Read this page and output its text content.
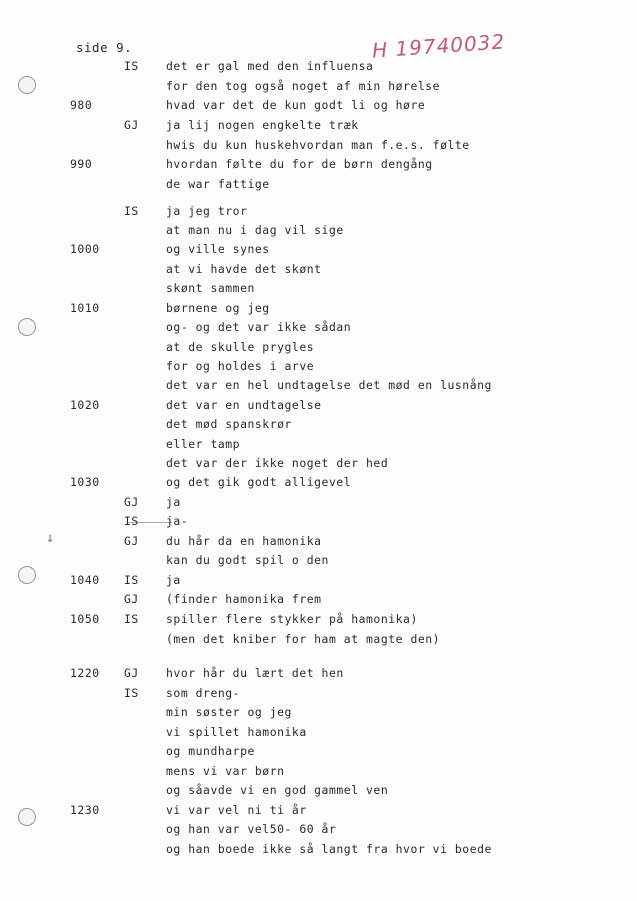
side 9.	H 19740032
↓
IS det er gal med den influensa
for den tog også noget af min hørelse
980	hvad var det de kun godt li og høre
GJ ja lij nogen engkelte træk
hwis du kun huskehvordan man f.e.s. følte
990	hvordan følte du for de børn dengång
de war fattige
IS ja jeg tror
at man nu i dag vil sige
1000	og ville synes
at vi havde det skønt
skønt sammen
1010	børnene og jeg
og- og det var ikke sådan
at de skulle prygles
for og holdes i arve
det var en hel undtagelse det mød en lusnång
1020	det var en undtagelse
det mød spanskrør
eller tamp
det var der ikke noget der hed
1030	og det gik godt alligevel
GJ ja
IS ja-
GJ du hår da en hamonika
kan du godt spil o den
1040 IS ja
GJ (finder hamonika frem
1050 IS spiller flere stykker på hamonika)
(men det kniber for ham at magte den)
1220 GJ hvor hår du lært det hen
IS som dreng-
min søster og jeg
vi spillet hamonika
og mundharpe
mens vi var børn
og såavde vi en god gammel ven
1230	vi var vel ni ti år
og han var vel50- 60 år
og han boede ikke så langt fra hvor vi boede
